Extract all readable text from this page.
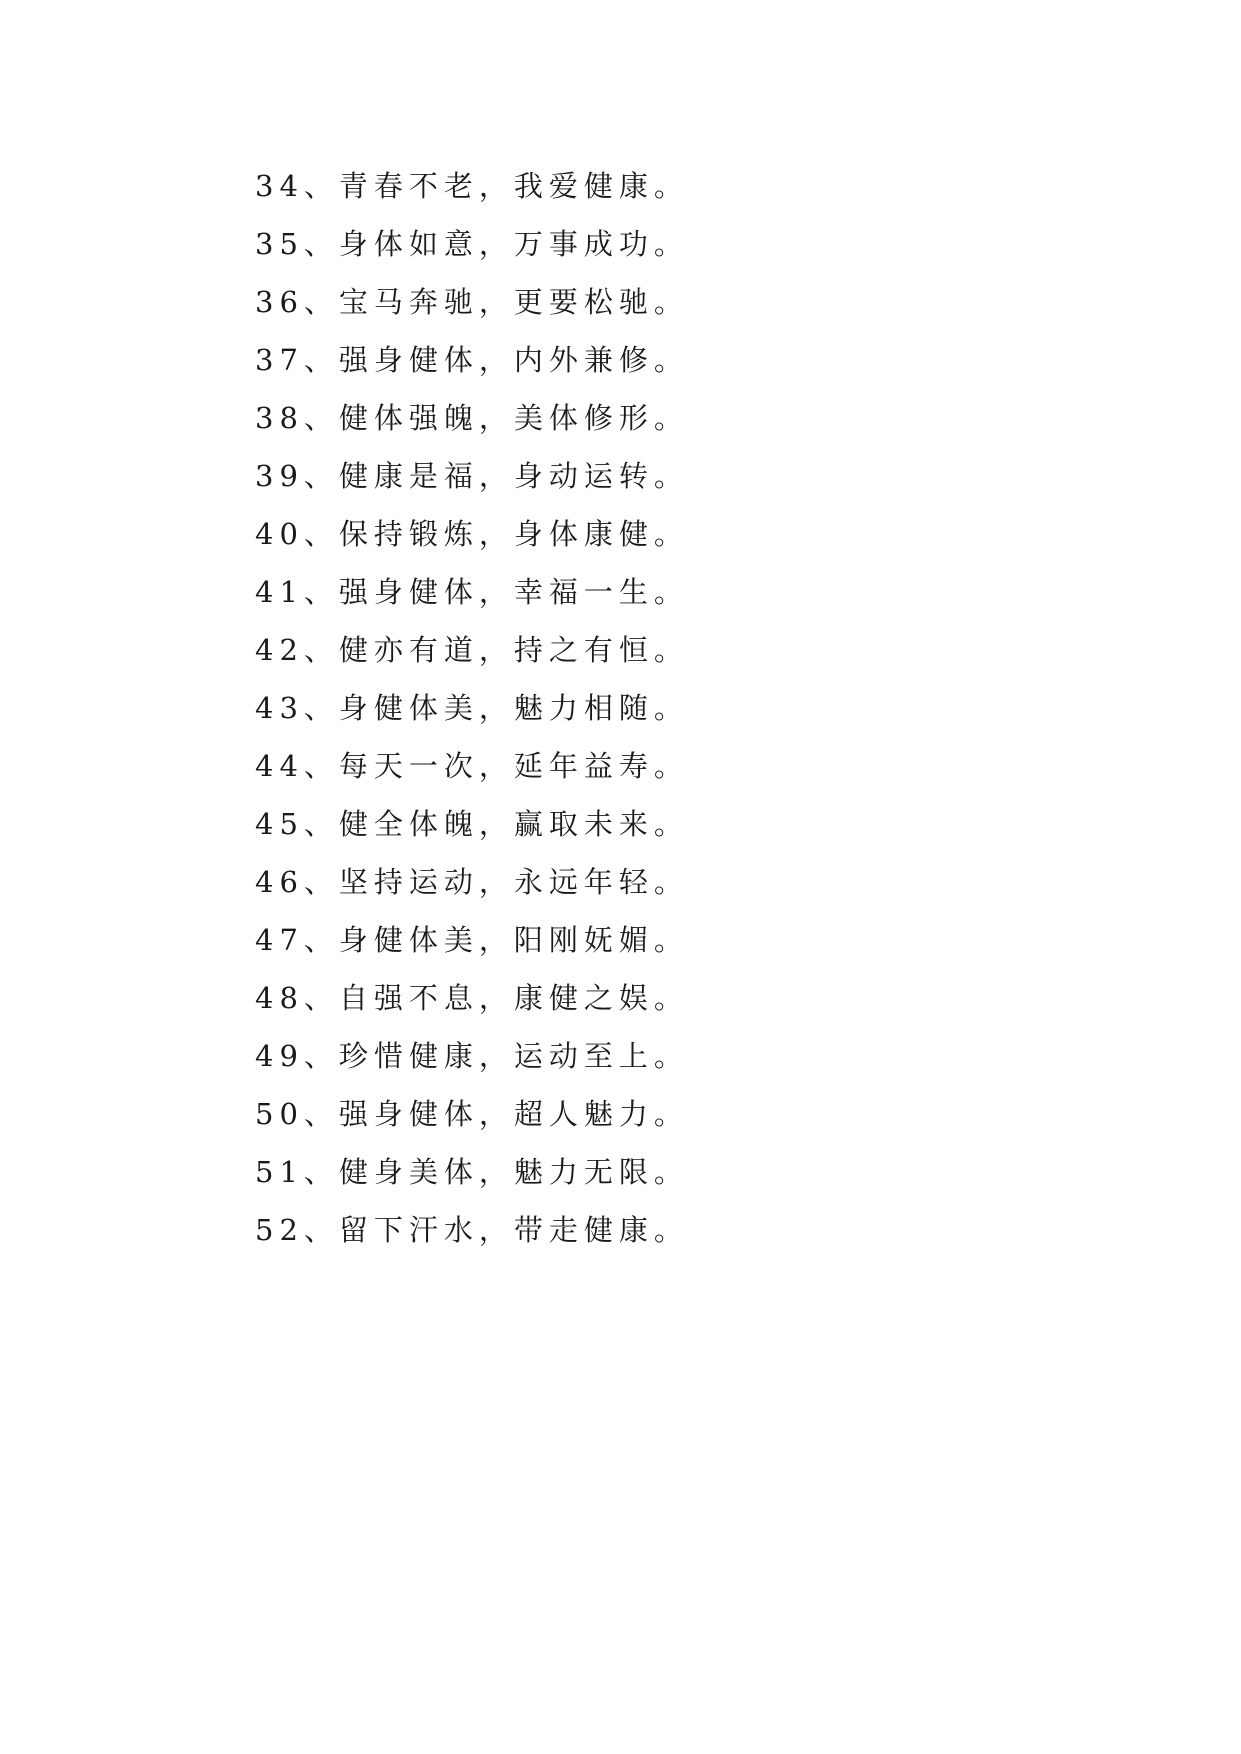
34、青春不老，我爱健康。
35、身体如意，万事成功。
36、宝马奔驰，更要松驰。
37、强身健体，内外兼修。
38、健体强魄，美体修形。
39、健康是福，身动运转。
40、保持锻炼，身体康健。
41、强身健体，幸福一生。
42、健亦有道，持之有恒。
43、身健体美，魅力相随。
44、每天一次，延年益寿。
45、健全体魄，赢取未来。
46、坚持运动，永远年轻。
47、身健体美，阳刚妩媚。
48、自强不息，康健之娱。
49、珍惜健康，运动至上。
50、强身健体，超人魅力。
51、健身美体，魅力无限。
52、留下汗水，带走健康。
